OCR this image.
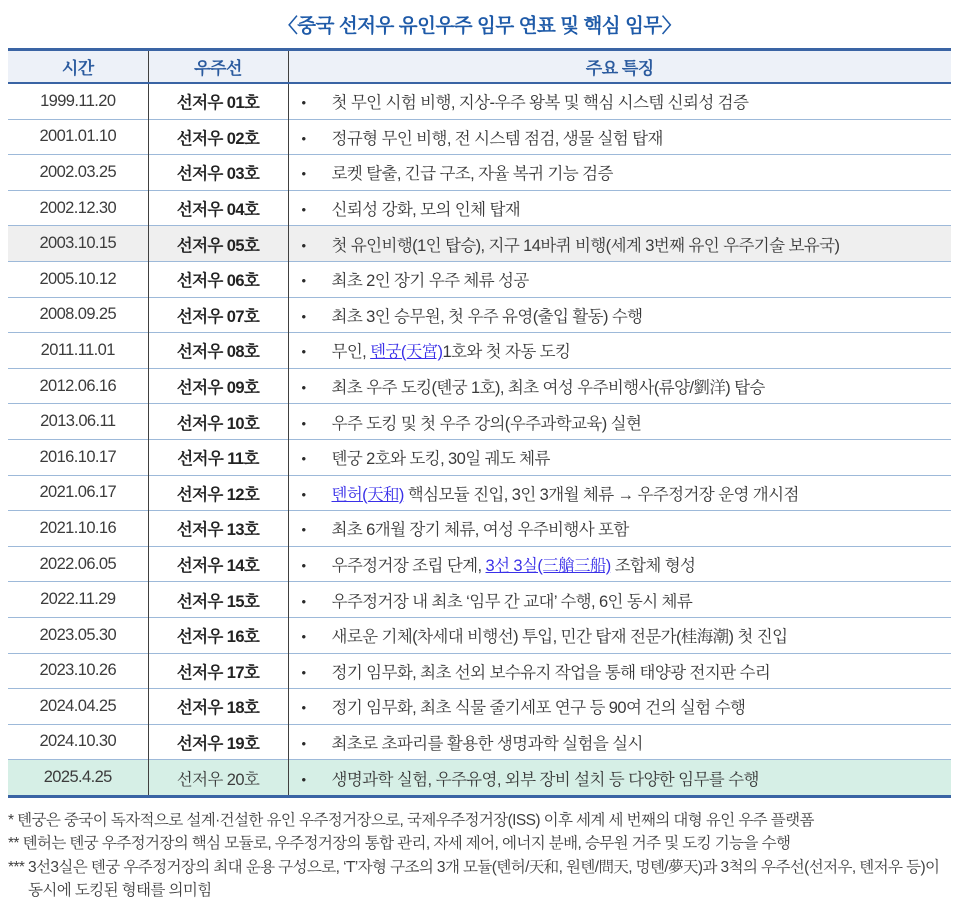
〈중국 선저우 유인우주 임무 연표 및 핵심 임무〉
시간	우주선	주요 특징
1999.11.20	선저우 01호	• 첫 무인 시험 비행, 지상-우주 왕복 및 핵심 시스템 신뢰성 검증
2001.01.10	선저우 02호	• 정규형 무인 비행, 전 시스템 점검, 생물 실험 탑재
2002.03.25	선저우 03호	• 로켓 탈출, 긴급 구조, 자율 복귀 기능 검증
2002.12.30	선저우 04호	• 신뢰성 강화, 모의 인체 탑재
2003.10.15	선저우 05호	• 첫 유인비행(1인 탑승), 지구 14바퀴 비행(세계 3번째 유인 우주기술 보유국)
2005.10.12	선저우 06호	• 최초 2인 장기 우주 체류 성공
2008.09.25	선저우 07호	• 최초 3인 승무원, 첫 우주 유영(출입 활동) 수행
2011.11.01	선저우 08호	• 무인, 톈궁(天宮)1호와 첫 자동 도킹
2012.06.16	선저우 09호	• 최초 우주 도킹(톈궁 1호), 최초 여성 우주비행사(류양/劉洋) 탑승
2013.06.11	선저우 10호	• 우주 도킹 및 첫 우주 강의(우주과학교육) 실현
2016.10.17	선저우 11호	• 톈궁 2호와 도킹, 30일 궤도 체류
2021.06.17	선저우 12호	• 톈허(天和) 핵심모듈 진입, 3인 3개월 체류 → 우주정거장 운영 개시점
2021.10.16	선저우 13호	• 최초 6개월 장기 체류, 여성 우주비행사 포함
2022.06.05	선저우 14호	• 우주정거장 조립 단계, 3선 3실(三艙三船) 조합체 형성
2022.11.29	선저우 15호	• 우주정거장 내 최초 ‘임무 간 교대’ 수행, 6인 동시 체류
2023.05.30	선저우 16호	• 새로운 기체(차세대 비행선) 투입, 민간 탑재 전문가(桂海潮) 첫 진입
2023.10.26	선저우 17호	• 정기 임무화, 최초 선외 보수유지 작업을 통해 태양광 전지판 수리
2024.04.25	선저우 18호	• 정기 임무화, 최초 식물 줄기세포 연구 등 90여 건의 실험 수행
2024.10.30	선저우 19호	• 최초로 초파리를 활용한 생명과학 실험을 실시
2025.4.25	선저우 20호	• 생명과학 실험, 우주유영, 외부 장비 설치 등 다양한 임무를 수행
* 톈궁은 중국이 독자적으로 설계·건설한 유인 우주정거장으로, 국제우주정거장(ISS) 이후 세계 세 번째의 대형 유인 우주 플랫폼
** 톈허는 톈궁 우주정거장의 핵심 모듈로, 우주정거장의 통합 관리, 자세 제어, 에너지 분배, 승무원 거주 및 도킹 기능을 수행
*** 3선3실은 톈궁 우주정거장의 최대 운용 구성으로, ‘T’자형 구조의 3개 모듈(톈허/天和, 원톈/問天, 멍톈/夢天)과 3척의 우주선(선저우, 톈저우 등)이 동시에 도킹된 형태를 의미힘
